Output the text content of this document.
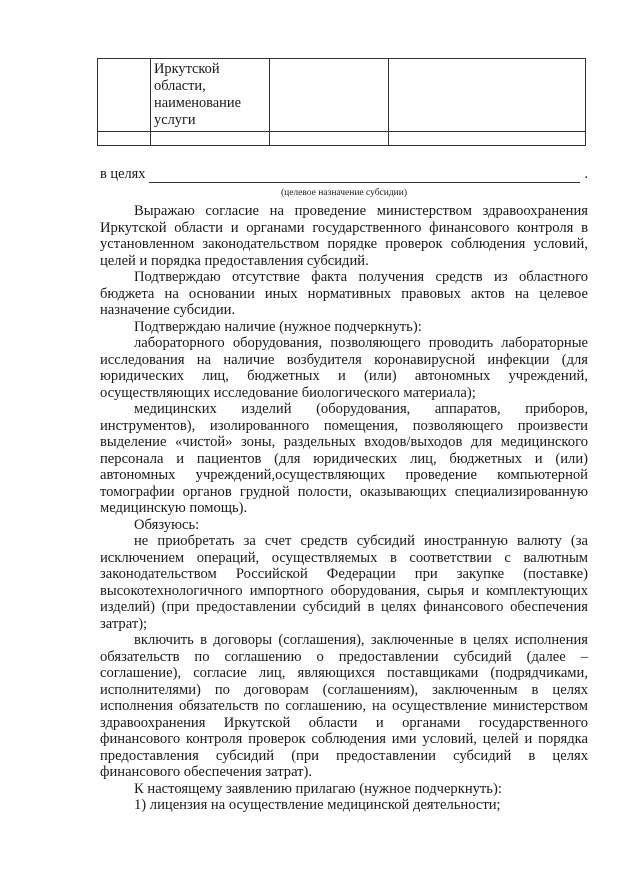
	Иркутской области, наименование услуги		

в целях	.
(целевое назначение субсидии)

Выражаю согласие на проведение министерством здравоохранения Иркутской области и органами государственного финансового контроля в установленном законодательством порядке проверок соблюдения условий, целей и порядка предоставления субсидий.

Подтверждаю отсутствие факта получения средств из областного бюджета на основании иных нормативных правовых актов на целевое назначение субсидии.

Подтверждаю наличие (нужное подчеркнуть):

лабораторного оборудования, позволяющего проводить лабораторные исследования на наличие возбудителя коронавирусной инфекции (для юридических лиц, бюджетных и (или) автономных учреждений, осуществляющих исследование биологического материала);

медицинских изделий (оборудования, аппаратов, приборов, инструментов), изолированного помещения, позволяющего произвести выделение «чистой» зоны, раздельных входов/выходов для медицинского персонала и пациентов (для юридических лиц, бюджетных и (или) автономных учреждений,осуществляющих проведение компьютерной томографии органов грудной полости, оказывающих специализированную медицинскую помощь).

Обязуюсь:

не приобретать за счет средств субсидий иностранную валюту (за исключением операций, осуществляемых в соответствии с валютным законодательством Российской Федерации при закупке (поставке) высокотехнологичного импортного оборудования, сырья и комплектующих изделий) (при предоставлении субсидий в целях финансового обеспечения затрат);

включить в договоры (соглашения), заключенные в целях исполнения обязательств по соглашению о предоставлении субсидий (далее – соглашение), согласие лиц, являющихся поставщиками (подрядчиками, исполнителями) по договорам (соглашениям), заключенным в целях исполнения обязательств по соглашению, на осуществление министерством здравоохранения Иркутской области и органами государственного финансового контроля проверок соблюдения ими условий, целей и порядка предоставления субсидий (при предоставлении субсидий в целях финансового обеспечения затрат).

К настоящему заявлению прилагаю (нужное подчеркнуть):

1) лицензия на осуществление медицинской деятельности;
